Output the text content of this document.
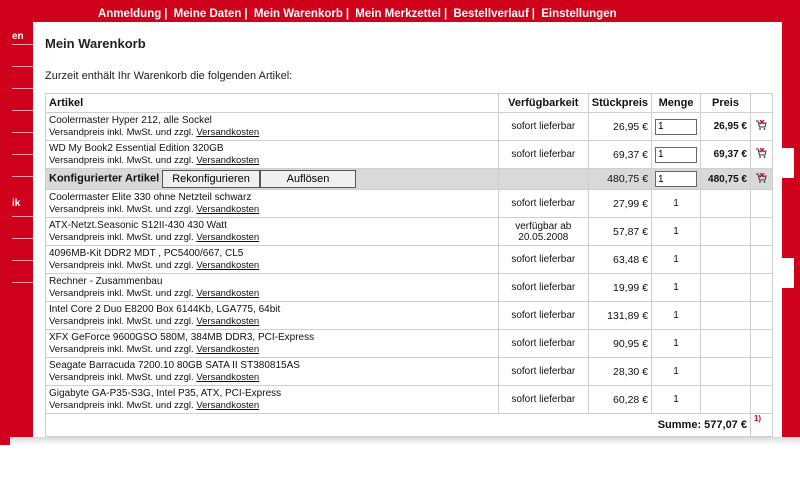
Anmeldung | Meine Daten | Mein Warenkorb | Mein Merkzettel | Bestellverlauf | Einstellungen
en
ik
Mein Warenkorb
Zurzeit enthält Ihr Warenkorb die folgenden Artikel:
Artikel	Verfügbarkeit	Stückpreis	Menge	Preis	

Coolermaster Hyper 212, alle Sockel
Versandpreis inkl. MwSt. und zzgl. Versandkosten	sofort lieferbar	26,95 €	1	26,95 €	

WD My Book2 Essential Edition 320GB
Versandpreis inkl. MwSt. und zzgl. Versandkosten	sofort lieferbar	69,37 €	1	69,37 €	

Konfigurierter Artikel Rekonfigurieren Auflösen		480,75 €	1	480,75 €	

Coolermaster Elite 330 ohne Netzteil schwarz
Versandpreis inkl. MwSt. und zzgl. Versandkosten	sofort lieferbar	27,99 €	1		

ATX-Netzt.Seasonic S12II-430 430 Watt
Versandpreis inkl. MwSt. und zzgl. Versandkosten	verfügbar ab 20.05.2008	57,87 €	1		

4096MB-Kit DDR2 MDT , PC5400/667, CL5
Versandpreis inkl. MwSt. und zzgl. Versandkosten	sofort lieferbar	63,48 €	1		

Rechner - Zusammenbau
Versandpreis inkl. MwSt. und zzgl. Versandkosten	sofort lieferbar	19,99 €	1		

Intel Core 2 Duo E8200 Box 6144Kb, LGA775, 64bit
Versandpreis inkl. MwSt. und zzgl. Versandkosten	sofort lieferbar	131,89 €	1		

XFX GeForce 9600GSO 580M, 384MB DDR3, PCI-Express
Versandpreis inkl. MwSt. und zzgl. Versandkosten	sofort lieferbar	90,95 €	1		

Seagate Barracuda 7200.10 80GB SATA II ST380815AS
Versandpreis inkl. MwSt. und zzgl. Versandkosten	sofort lieferbar	28,30 €	1		

Gigabyte GA-P35-S3G, Intel P35, ATX, PCI-Express
Versandpreis inkl. MwSt. und zzgl. Versandkosten	sofort lieferbar	60,28 €	1		
Summe: 577,07 €					1)
